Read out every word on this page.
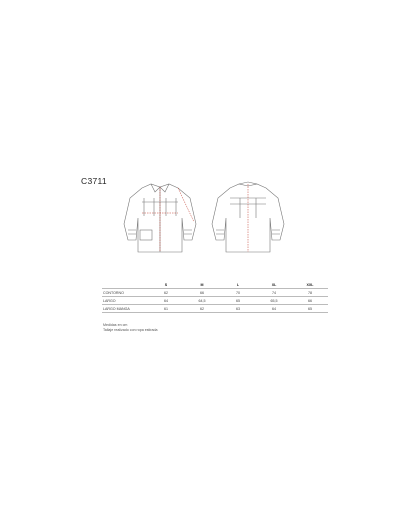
C3711
	S	M	L	XL	XXL
CONTORNO	62	66	70	74	78
LARGO	64	64,5	65	65,5	66
LARGO MANGA	61	62	63	64	65
Medidas en cm
Tallaje realizado con ropa estirada
